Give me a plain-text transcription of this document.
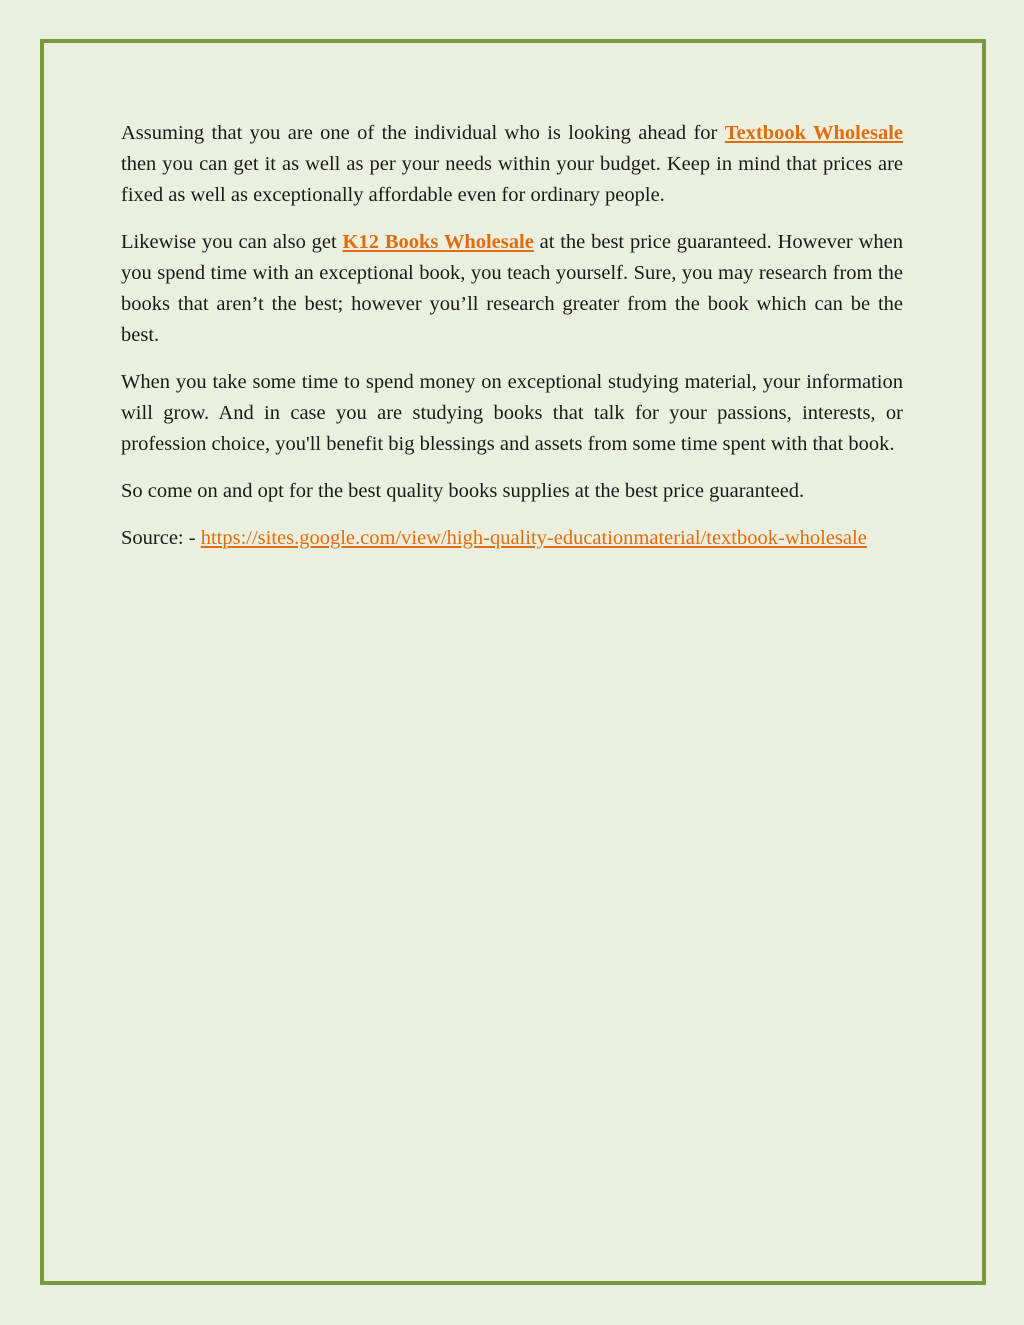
Assuming that you are one of the individual who is looking ahead for Textbook Wholesale then you can get it as well as per your needs within your budget. Keep in mind that prices are fixed as well as exceptionally affordable even for ordinary people.

Likewise you can also get K12 Books Wholesale at the best price guaranteed. However when you spend time with an exceptional book, you teach yourself. Sure, you may research from the books that aren’t the best; however you’ll research greater from the book which can be the best.

When you take some time to spend money on exceptional studying material, your information will grow. And in case you are studying books that talk for your passions, interests, or profession choice, you'll benefit big blessings and assets from some time spent with that book.

So come on and opt for the best quality books supplies at the best price guaranteed.

Source: - https://sites.google.com/view/high-quality-educationmaterial/textbook-wholesale
